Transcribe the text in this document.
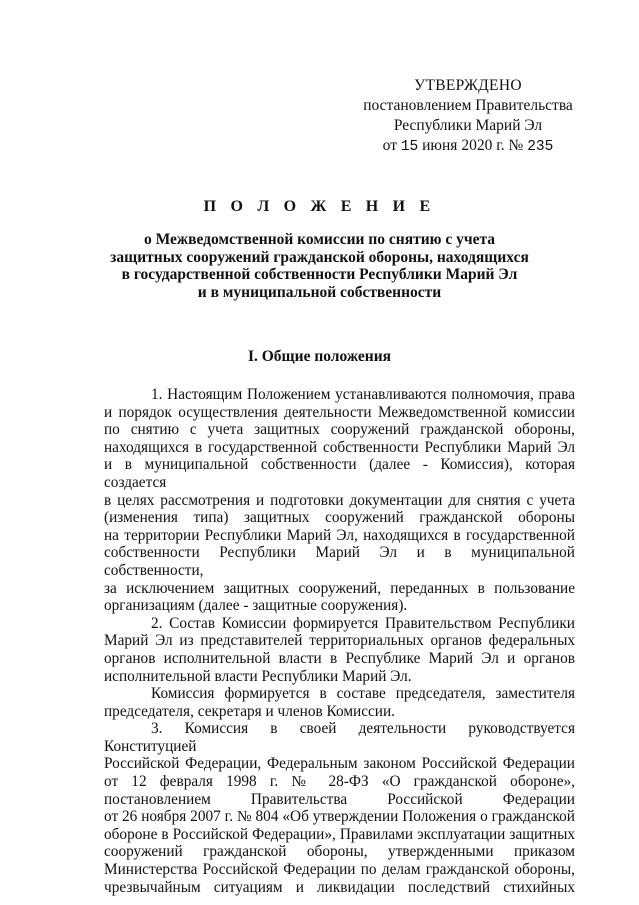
УТВЕРЖДЕНО
постановлением Правительства
Республики Марий Эл
от 15 июня 2020 г. № 235
П О Л О Ж Е Н И Е
о Межведомственной комиссии по снятию с учета
защитных сооружений гражданской обороны, находящихся
в государственной собственности Республики Марий Эл
и в муниципальной собственности
I. Общие положения

1. Настоящим Положением устанавливаются полномочия, права

и порядок осуществления деятельности Межведомственной комиссии

по снятию с учета защитных сооружений гражданской обороны,

находящихся в государственной собственности Республики Марий Эл

и в муниципальной собственности (далее - Комиссия), которая создается

в целях рассмотрения и подготовки документации для снятия с учета

(изменения типа) защитных сооружений гражданской обороны

на территории Республики Марий Эл, находящихся в государственной

собственности Республики Марий Эл и в муниципальной собственности,

за исключением защитных сооружений, переданных в пользование

организациям (далее - защитные сооружения).

2. Состав Комиссии формируется Правительством Республики

Марий Эл из представителей территориальных органов федеральных

органов исполнительной власти в Республике Марий Эл и органов

исполнительной власти Республики Марий Эл.

Комиссия формируется в составе председателя, заместителя

председателя, секретаря и членов Комиссии.

3. Комиссия в своей деятельности руководствуется Конституцией

Российской Федерации, Федеральным законом Российской Федерации

от 12 февраля 1998 г. № 28-ФЗ «О гражданской обороне»,

постановлением Правительства Российской Федерации

от 26 ноября 2007 г. № 804 «Об утверждении Положения о гражданской

обороне в Российской Федерации», Правилами эксплуатации защитных

сооружений гражданской обороны, утвержденными приказом

Министерства Российской Федерации по делам гражданской обороны,

чрезвычайным ситуациям и ликвидации последствий стихийных
